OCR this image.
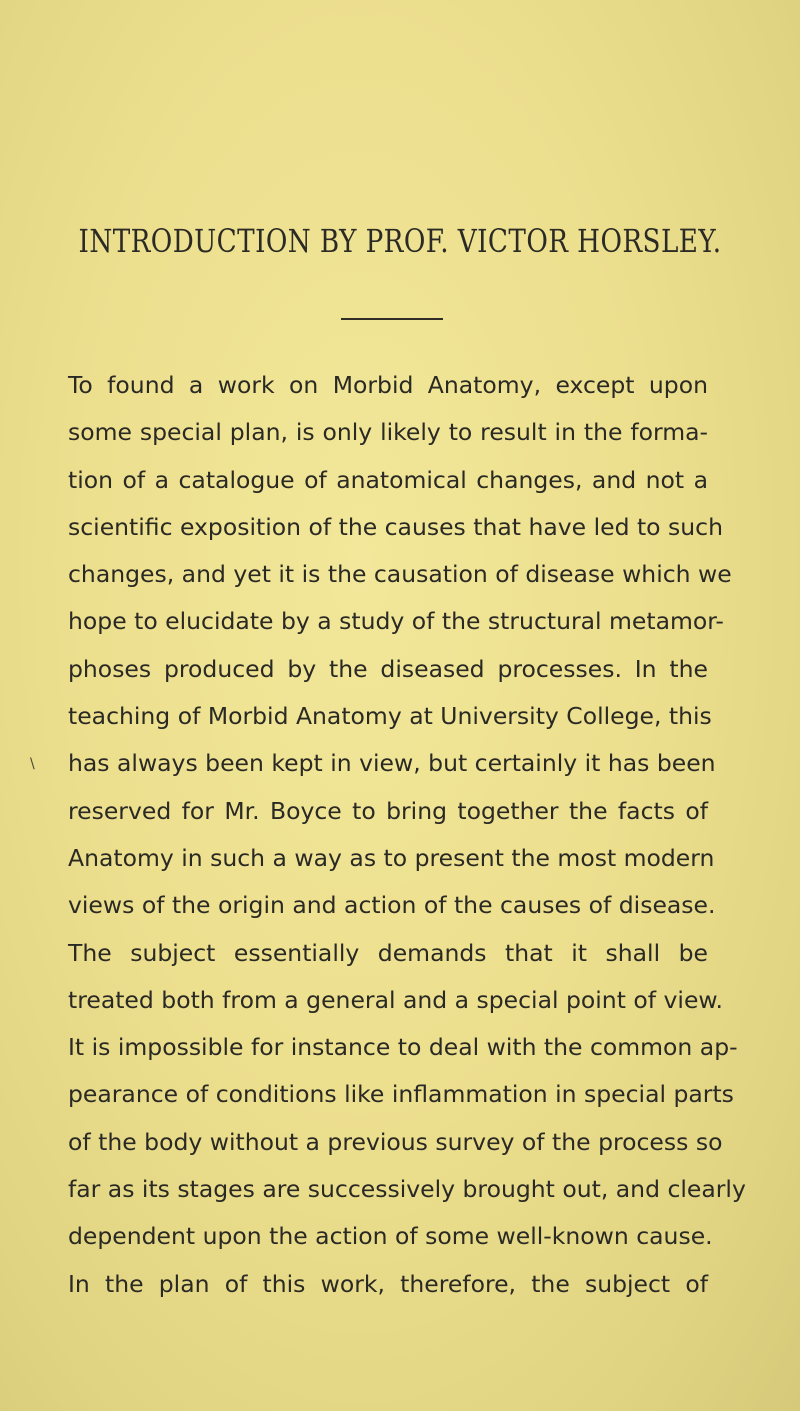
INTRODUCTION BY PROF. VICTOR HORSLEY.
To found a work on Morbid Anatomy, except upon
some special plan, is only likely to result in the forma-
tion of a catalogue of anatomical changes, and not a
scientific exposition of the causes that have led to such
changes, and yet it is the causation of disease which we
hope to elucidate by a study of the structural metamor-
phoses produced by the diseased processes. In the
teaching of Morbid Anatomy at University College, this
has always been kept in view, but certainly it has been
reserved for Mr. Boyce to bring together the facts of
Anatomy in such a way as to present the most modern
views of the origin and action of the causes of disease.
The subject essentially demands that it shall be
treated both from a general and a special point of view.
It is impossible for instance to deal with the common ap-
pearance of conditions like inflammation in special parts
of the body without a previous survey of the process so
far as its stages are successively brought out, and clearly
dependent upon the action of some well-known cause.
In the plan of this work, therefore, the subject of
\
